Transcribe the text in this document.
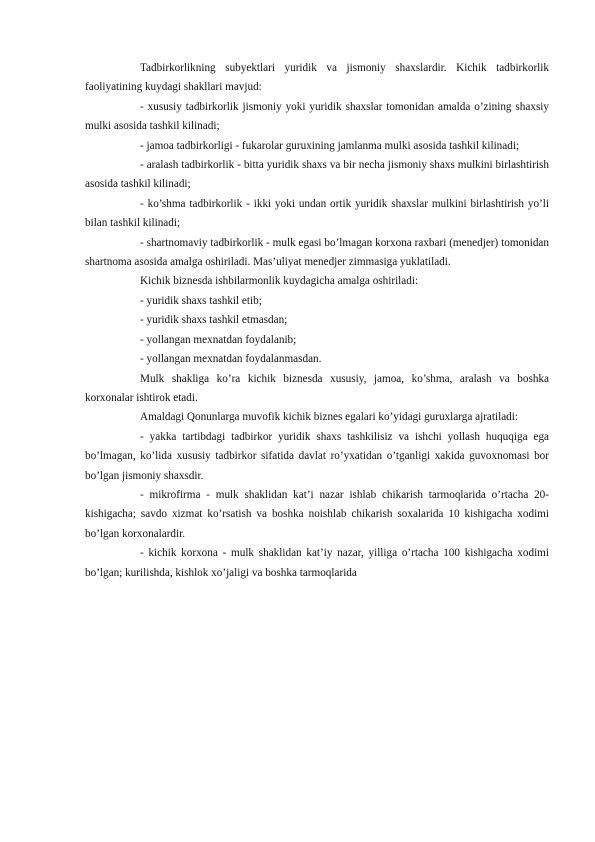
Tadbirkorlikning subyektlari yuridik va jismoniy shaxslardir. Kichik tadbirkorlik faoliyatining kuydagi shakllari mavjud:

- xususiy tadbirkorlik jismoniy yoki yuridik shaxslar tomonidan amalda o’zining shaxsiy mulki asosida tashkil kilinadi;

- jamoa tadbirkorligi - fukarolar guruxining jamlanma mulki asosida tashkil kilinadi;

- aralash tadbirkorlik - bitta yuridik shaxs va bir necha jismoniy shaxs mulkini birlashtirish asosida tashkil kilinadi;

- ko’shma tadbirkorlik - ikki yoki undan ortik yuridik shaxslar mulkini birlashtirish yo’li bilan tashkil kilinadi;

- shartnomaviy tadbirkorlik - mulk egasi bo’lmagan korxona raxbari (menedjer) tomonidan shartnoma asosida amalga oshiriladi. Mas’uliyat menedjer zimmasiga yuklatiladi.

Kichik biznesda ishbilarmonlik kuydagicha amalga oshiriladi:

- yuridik shaxs tashkil etib;

- yuridik shaxs tashkil etmasdan;

- yollangan mexnatdan foydalanib;

- yollangan mexnatdan foydalanmasdan.

Mulk shakliga ko’ra kichik biznesda xususiy, jamoa, ko’shma, aralash va boshka korxonalar ishtirok etadi.

Amaldagi Qonunlarga muvofik kichik biznes egalari ko’yidagi guruxlarga ajratiladi:

- yakka tartibdagi tadbirkor yuridik shaxs tashkilisiz va ishchi yollash huquqiga ega bo’lmagan, ko’lida xususiy tadbirkor sifatida davlat ro’yxatidan o’tganligi xakida guvoxnomasi bor bo’lgan jismoniy shaxsdir.

- mikrofirma - mulk shaklidan kat’i nazar ishlab chikarish tarmoqlarida o’rtacha 20-kishigacha; savdo xizmat ko’rsatish va boshka noishlab chikarish soxalarida 10 kishigacha xodimi bo’lgan korxonalardir.

- kichik korxona - mulk shaklidan kat’iy nazar, yilliga o’rtacha 100 kishigacha xodimi bo’lgan; kurilishda, kishlok xo’jaligi va boshka tarmoqlarida
